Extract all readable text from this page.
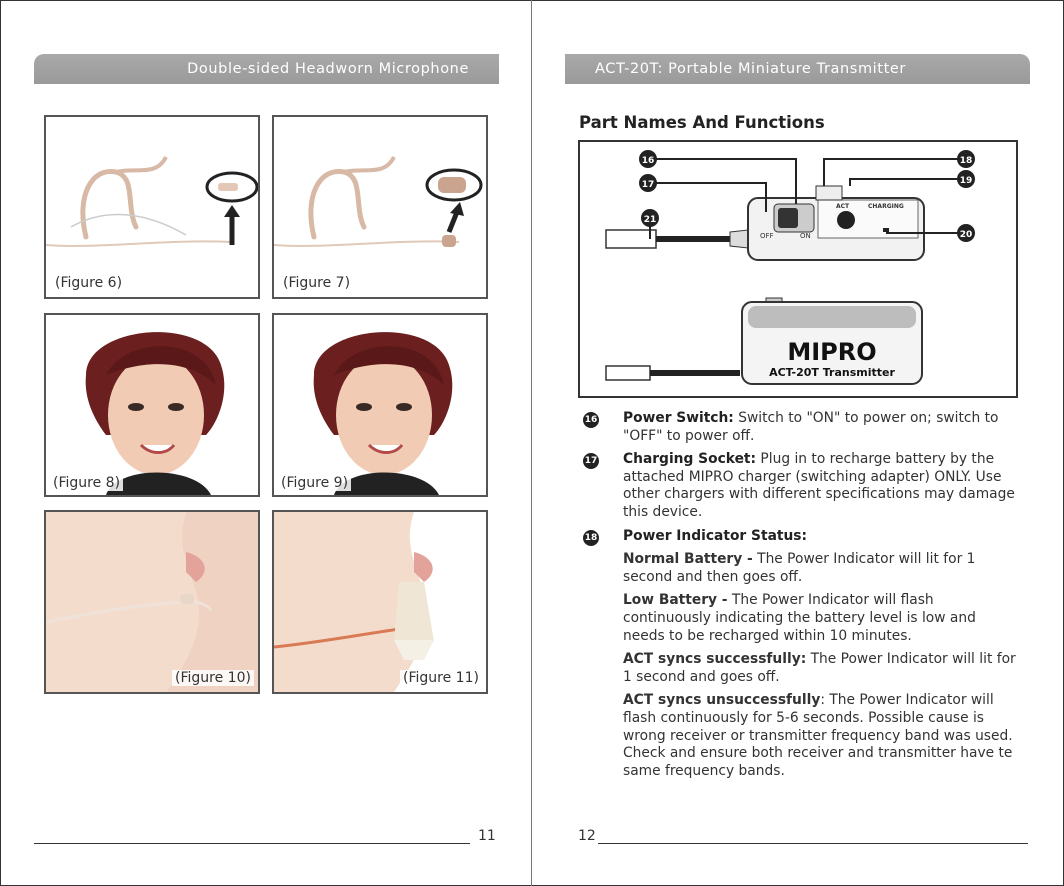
Double-sided Headworn Microphone
(Figure 6)	(Figure 7)
(Figure 8)	(Figure 9)
(Figure 10)	(Figure 11)
11
ACT-20T: Portable Miniature Transmitter
Part Names And Functions
OFF	ON
ACT	CHARGING
16
17
18
19
20
21
MIPRO
ACT-20T Transmitter
16 Power Switch: Switch to "ON" to power on; switch to "OFF" to power off.
17 Charging Socket: Plug in to recharge battery by the attached MIPRO charger (switching adapter) ONLY. Use other chargers with different specifications may damage this device.
18 Power Indicator Status:
Normal Battery - The Power Indicator will lit for 1 second and then goes off.
Low Battery - The Power Indicator will flash continuously indicating the battery level is low and needs to be recharged within 10 minutes.
ACT syncs successfully: The Power Indicator will lit for 1 second and goes off.
ACT syncs unsuccessfully: The Power Indicator will flash continuously for 5-6 seconds. Possible cause is wrong receiver or transmitter frequency band was used. Check and ensure both receiver and transmitter have te same frequency bands.
12
